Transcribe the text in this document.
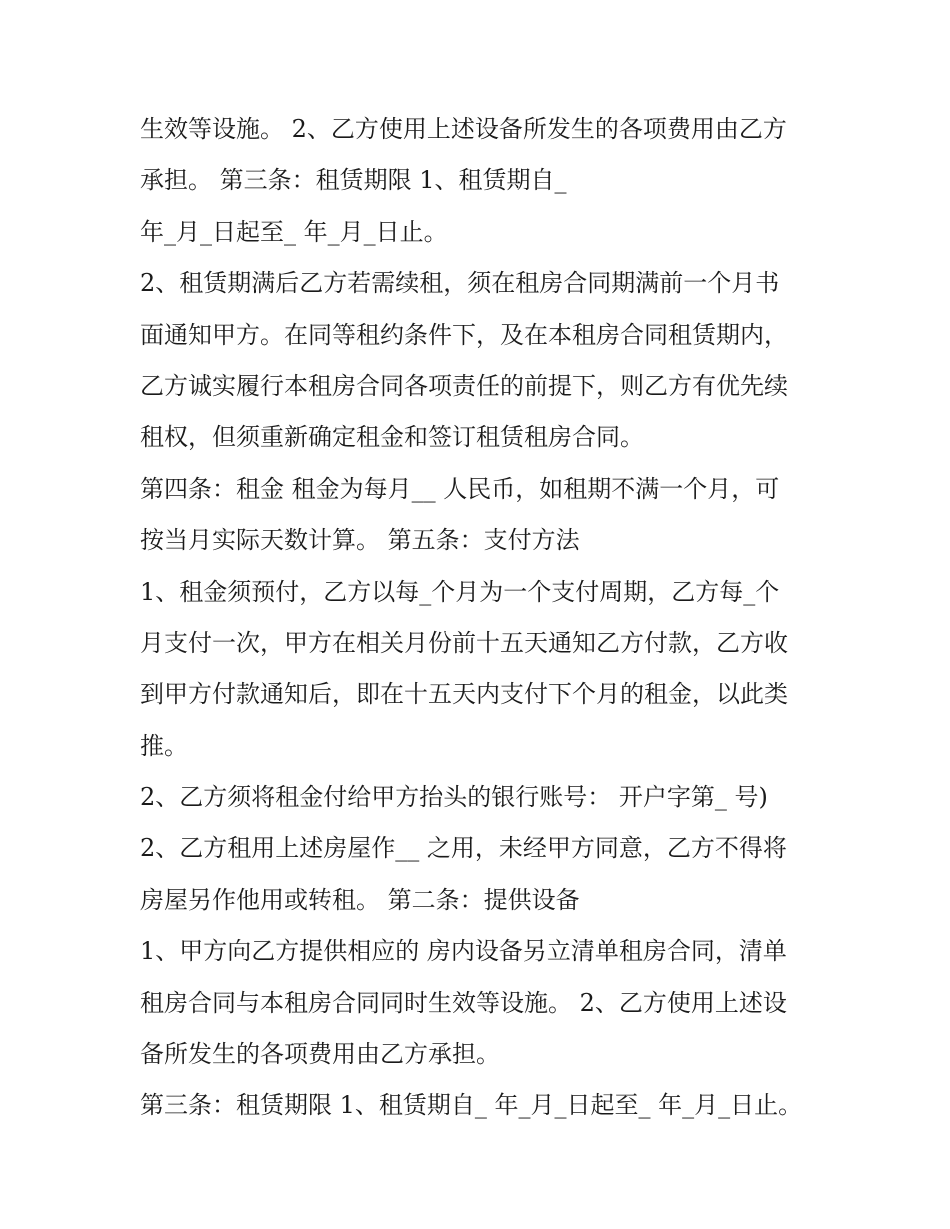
生效等设施。 2、乙方使用上述设备所发生的各项费用由乙方
承担。 第三条：租赁期限 1、租赁期自_
年_月_日起至_ 年_月_日止。
2、租赁期满后乙方若需续租，须在租房合同期满前一个月书
面通知甲方。在同等租约条件下，及在本租房合同租赁期内，
乙方诚实履行本租房合同各项责任的前提下，则乙方有优先续
租权，但须重新确定租金和签订租赁租房合同。
第四条：租金 租金为每月__ 人民币，如租期不满一个月，可
按当月实际天数计算。 第五条：支付方法
1、租金须预付，乙方以每_个月为一个支付周期，乙方每_个
月支付一次，甲方在相关月份前十五天通知乙方付款，乙方收
到甲方付款通知后，即在十五天内支付下个月的租金，以此类
推。
2、乙方须将租金付给甲方抬头的银行账号： 开户字第_ 号)
2、乙方租用上述房屋作__ 之用，未经甲方同意，乙方不得将
房屋另作他用或转租。 第二条：提供设备
1、甲方向乙方提供相应的 房内设备另立清单租房合同，清单
租房合同与本租房合同同时生效等设施。 2、乙方使用上述设
备所发生的各项费用由乙方承担。
第三条：租赁期限 1、租赁期自_ 年_月_日起至_ 年_月_日止。
